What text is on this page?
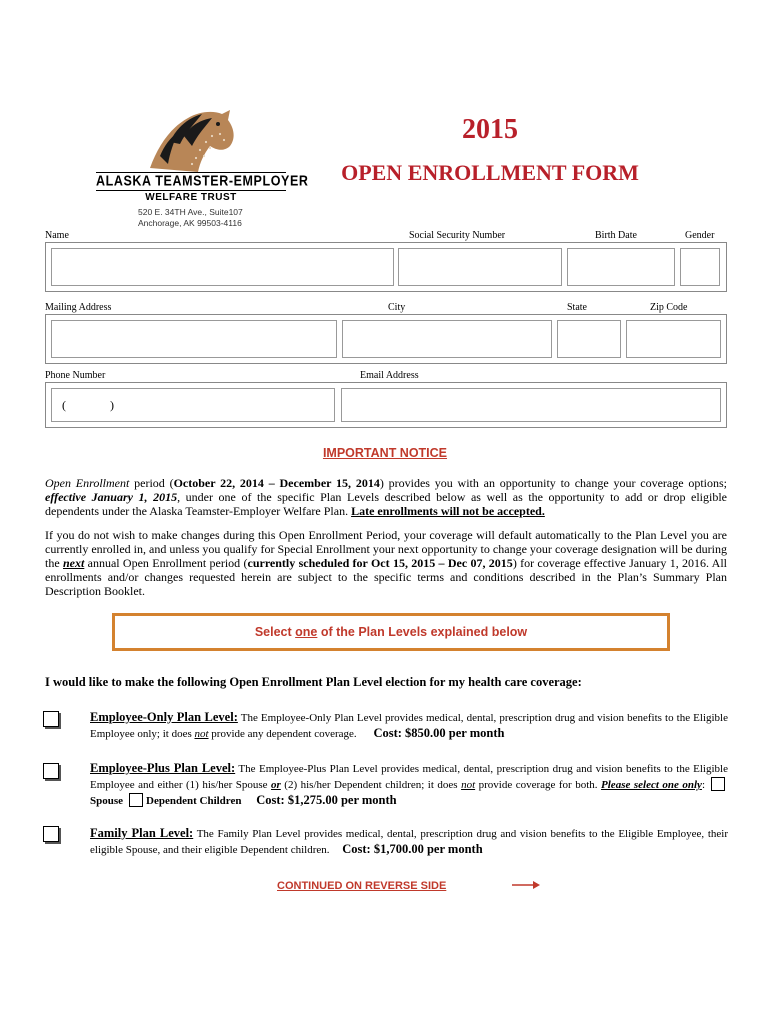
ALASKA TEAMSTER-EMPLOYER
WELFARE TRUST
520 E. 34TH Ave., Suite107
Anchorage, AK 99503-4116
2015
OPEN ENROLLMENT FORM
Name	Social Security Number	Birth Date	Gender
Mailing Address	City	State	Zip Code
Phone Number	Email Address
(	)
IMPORTANT NOTICE
Open Enrollment period (October 22, 2014 – December 15, 2014) provides you with an opportunity to change your coverage options; effective January 1, 2015, under one of the specific Plan Levels described below as well as the opportunity to add or drop eligible dependents under the Alaska Teamster-Employer Welfare Plan. Late enrollments will not be accepted.
If you do not wish to make changes during this Open Enrollment Period, your coverage will default automatically to the Plan Level you are currently enrolled in, and unless you qualify for Special Enrollment your next opportunity to change your coverage designation will be during the next annual Open Enrollment period (currently scheduled for Oct 15, 2015 – Dec 07, 2015) for coverage effective January 1, 2016. All enrollments and/or changes requested herein are subject to the specific terms and conditions described in the Plan’s Summary Plan Description Booklet.
Select one of the Plan Levels explained below
I would like to make the following Open Enrollment Plan Level election for my health care coverage:
Employee-Only Plan Level: The Employee-Only Plan Level provides medical, dental, prescription drug and vision benefits to the Eligible Employee only; it does not provide any dependent coverage. Cost: $850.00 per month
Employee-Plus Plan Level: The Employee-Plus Plan Level provides medical, dental, prescription drug and vision benefits to the Eligible Employee and either (1) his/her Spouse or (2) his/her Dependent children; it does not provide coverage for both. Please select one only:Spouse Dependent Children Cost: $1,275.00 per month
Family Plan Level: The Family Plan Level provides medical, dental, prescription drug and vision benefits to the Eligible Employee, their eligible Spouse, and their eligible Dependent children. Cost: $1,700.00 per month
CONTINUED ON REVERSE SIDE
